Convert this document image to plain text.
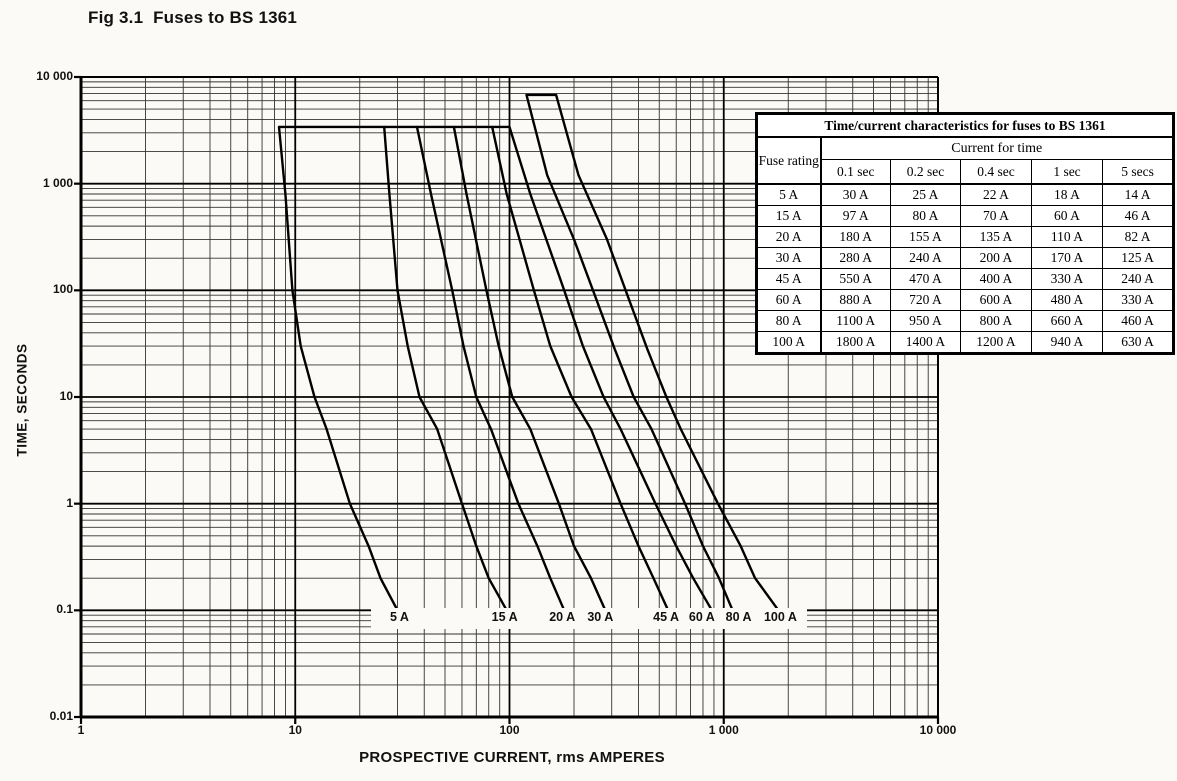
Fig 3.1  Fuses to BS 1361
TIME, SECONDS
PROSPECTIVE CURRENT, rms AMPERES
Time/current characteristics for fuses to BS 1361					
Fuse rating	Current for time				
	0.1 sec	0.2 sec	0.4 sec	1 sec	5 secs
5 A	30 A	25 A	22 A	18 A	14 A
15 A	97 A	80 A	70 A	60 A	46 A
20 A	180 A	155 A	135 A	110 A	82 A
30 A	280 A	240 A	200 A	170 A	125 A
45 A	550 A	470 A	400 A	330 A	240 A
60 A	880 A	720 A	600 A	480 A	330 A
80 A	1100 A	950 A	800 A	660 A	460 A
100 A	1800 A	1400 A	1200 A	940 A	630 A
10 000
1 000
100
10
1
0.1
0.01
1	10	100	1 000	10 000
5 A	15 A	20 A 30 A	45 A 60 A 80 A 100 A
